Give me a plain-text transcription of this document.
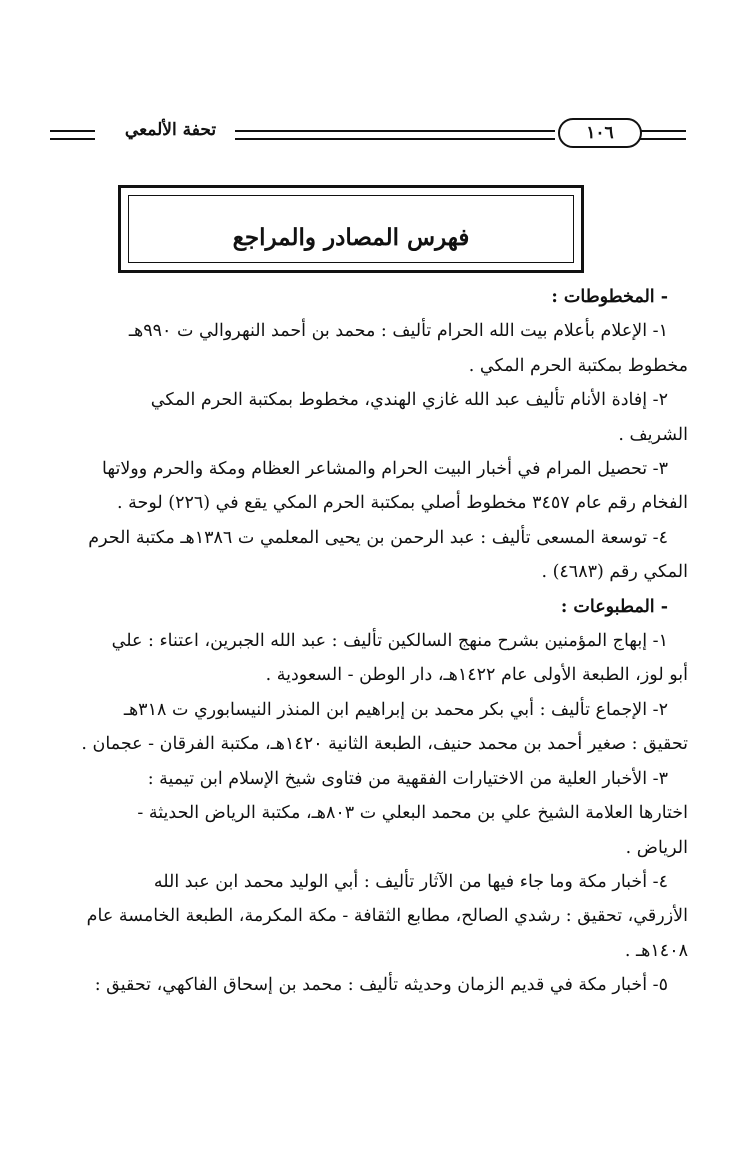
تحفة الألمعي	١٠٦
فهرس المصادر والمراجع

- المخطوطات :

١- الإعلام بأعلام بيت الله الحرام تأليف : محمد بن أحمد النهروالي ت ٩٩٠هـ

مخطوط بمكتبة الحرم المكي .

٢- إفادة الأنام تأليف عبد الله غازي الهندي، مخطوط بمكتبة الحرم المكي

الشريف .

٣- تحصيل المرام في أخبار البيت الحرام والمشاعر العظام ومكة والحرم وولاتها

الفخام رقم عام ٣٤٥٧ مخطوط أصلي بمكتبة الحرم المكي يقع في (٢٢٦) لوحة .

٤- توسعة المسعى تأليف : عبد الرحمن بن يحيى المعلمي ت ١٣٨٦هـ مكتبة الحرم

المكي رقم (٤٦٨٣) .

- المطبوعات :

١- إبهاج المؤمنين بشرح منهج السالكين تأليف : عبد الله الجبرين، اعتناء : علي

أبو لوز، الطبعة الأولى عام ١٤٢٢هـ، دار الوطن - السعودية .

٢- الإجماع تأليف : أبي بكر محمد بن إبراهيم ابن المنذر النيسابوري ت ٣١٨هـ

تحقيق : صغير أحمد بن محمد حنيف، الطبعة الثانية ١٤٢٠هـ، مكتبة الفرقان - عجمان .

٣- الأخبار العلية من الاختيارات الفقهية من فتاوى شيخ الإسلام ابن تيمية :

اختارها العلامة الشيخ علي بن محمد البعلي ت ٨٠٣هـ، مكتبة الرياض الحديثة -

الرياض .

٤- أخبار مكة وما جاء فيها من الآثار تأليف : أبي الوليد محمد ابن عبد الله

الأزرقي، تحقيق : رشدي الصالح، مطابع الثقافة - مكة المكرمة، الطبعة الخامسة عام

١٤٠٨هـ .

٥- أخبار مكة في قديم الزمان وحديثه تأليف : محمد بن إسحاق الفاكهي، تحقيق :
